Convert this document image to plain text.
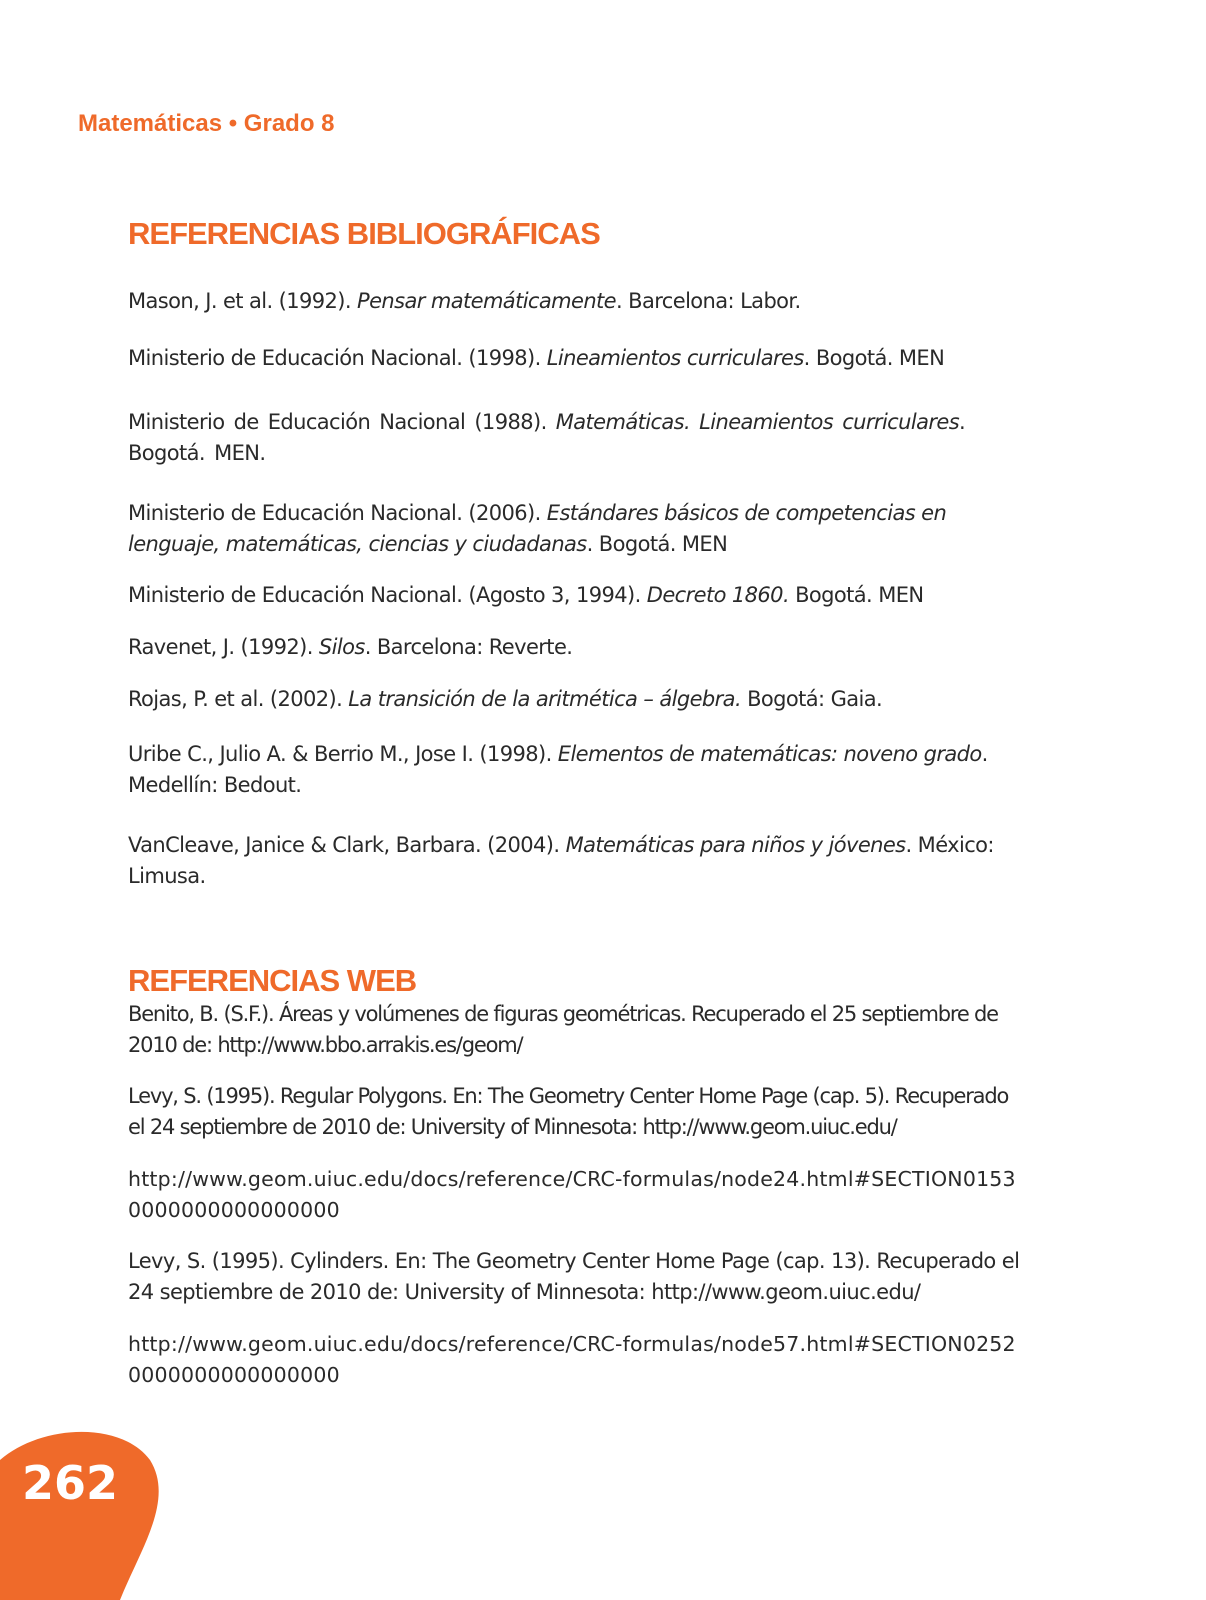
Matemáticas • Grado 8

REFERENCIAS BIBLIOGRÁFICAS

Mason, J. et al. (1992). Pensar matemáticamente. Barcelona: Labor.

Ministerio de Educación Nacional. (1998). Lineamientos curriculares. Bogotá. MEN

Ministerio de Educación Nacional (1988). Matemáticas. Lineamientos curriculares. Bogotá. MEN.

Ministerio de Educación Nacional. (2006). Estándares básicos de competencias en lenguaje, matemáticas, ciencias y ciudadanas. Bogotá. MEN

Ministerio de Educación Nacional. (Agosto 3, 1994). Decreto 1860. Bogotá. MEN

Ravenet, J. (1992). Silos. Barcelona: Reverte.

Rojas, P. et al. (2002). La transición de la aritmética – álgebra. Bogotá: Gaia.

Uribe C., Julio A. & Berrio M., Jose I. (1998). Elementos de matemáticas: noveno grado. Medellín: Bedout.

VanCleave, Janice & Clark, Barbara. (2004). Matemáticas para niños y jóvenes. México: Limusa.

REFERENCIAS WEB

Benito, B. (S.F.). Áreas y volúmenes de figuras geométricas. Recuperado el 25 septiembre de 2010 de: http://www.bbo.arrakis.es/geom/

Levy, S. (1995). Regular Polygons. En: The Geometry Center Home Page (cap. 5). Recuperado el 24 septiembre de 2010 de: University of Minnesota: http://www.geom.uiuc.edu/

http://www.geom.uiuc.edu/docs/reference/CRC-formulas/node24.html#SECTION01530000000000000000

Levy, S. (1995). Cylinders. En: The Geometry Center Home Page (cap. 13). Recuperado el 24 septiembre de 2010 de: University of Minnesota: http://www.geom.uiuc.edu/

http://www.geom.uiuc.edu/docs/reference/CRC-formulas/node57.html#SECTION02520000000000000000

262
